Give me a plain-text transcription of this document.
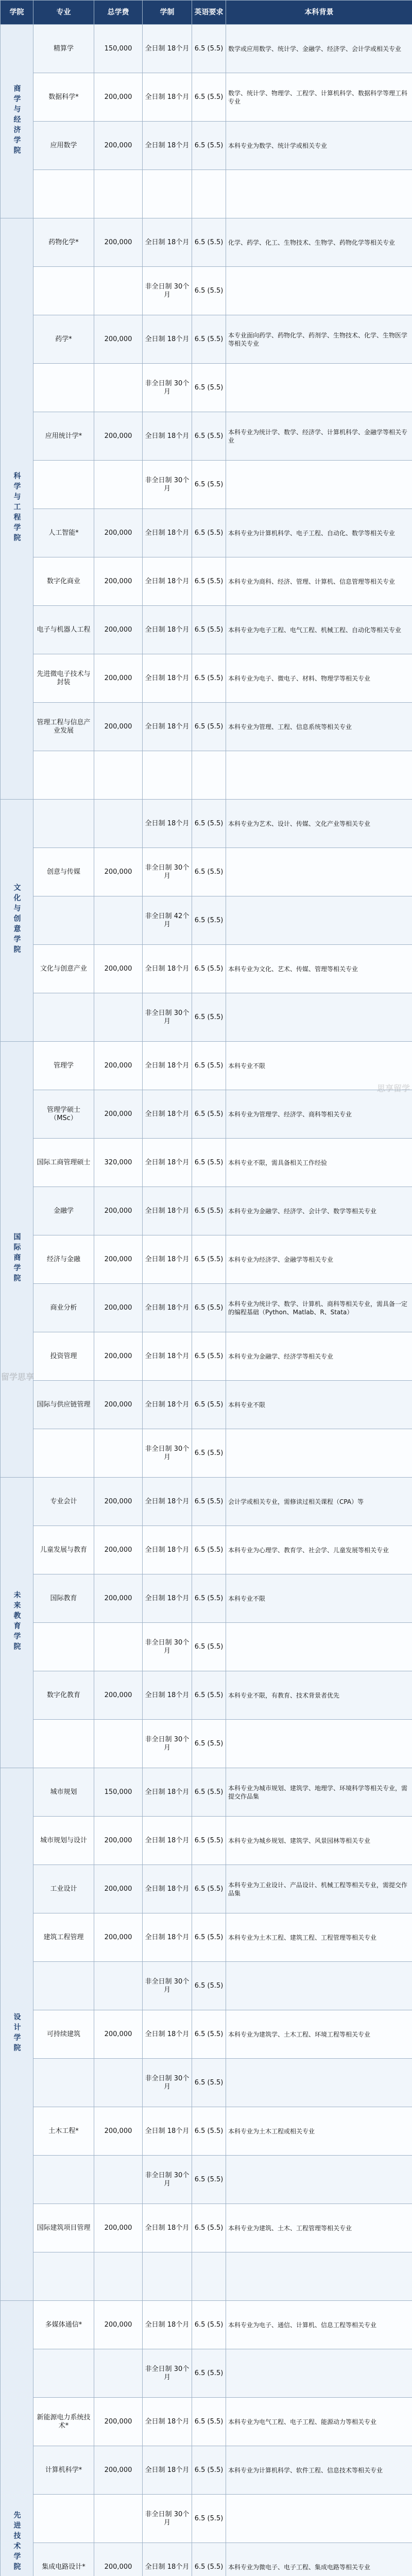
学院	专业	总学费	学制	英语要求	本科背景
商学与经济学院	精算学	150,000	全日制 18个月	6.5 (5.5)	数学或应用数学、统计学、金融学、经济学、会计学或相关专业
	数据科学*	200,000	全日制 18个月	6.5 (5.5)	数学、统计学、物理学、工程学、计算机科学、数据科学等理工科专业
	应用数学	200,000	全日制 18个月	6.5 (5.5)	本科专业为数学、统计学或相关专业

科学与工程学院	药物化学*	200,000	全日制 18个月	6.5 (5.5)	化学、药学、化工、生物技术、生物学、药物化学等相关专业
			非全日制 30个月	6.5 (5.5)	
	药学*	200,000	全日制 18个月	6.5 (5.5)	本专业面向药学、药物化学、药剂学、生物技术、化学、生物医学等相关专业
			非全日制 30个月	6.5 (5.5)	
	应用统计学*	200,000	全日制 18个月	6.5 (5.5)	本科专业为统计学、数学、经济学、计算机科学、金融学等相关专业
			非全日制 30个月	6.5 (5.5)	
	人工智能*	200,000	全日制 18个月	6.5 (5.5)	本科专业为计算机科学、电子工程、自动化、数学等相关专业
	数字化商业	200,000	全日制 18个月	6.5 (5.5)	本科专业为商科、经济、管理、计算机、信息管理等相关专业
	电子与机器人工程	200,000	全日制 18个月	6.5 (5.5)	本科专业为电子工程、电气工程、机械工程、自动化等相关专业
	先进微电子技术与封装	200,000	全日制 18个月	6.5 (5.5)	本科专业为电子、微电子、材料、物理学等相关专业
	管理工程与信息产业发展	200,000	全日制 18个月	6.5 (5.5)	本科专业为管理、工程、信息系统等相关专业

文化与创意学院			全日制 18个月	6.5 (5.5)	本科专业为艺术、设计、传媒、文化产业等相关专业
	创意与传媒	200,000	非全日制 30个月	6.5 (5.5)	
			非全日制 42个月	6.5 (5.5)	
	文化与创意产业	200,000	全日制 18个月	6.5 (5.5)	本科专业为文化、艺术、传媒、管理等相关专业
			非全日制 30个月	6.5 (5.5)	
国际商学院	管理学	200,000	全日制 18个月	6.5 (5.5)	本科专业不限
	管理学硕士（MSc）	200,000	全日制 18个月	6.5 (5.5)	本科专业为管理学、经济学、商科等相关专业
	国际工商管理硕士	320,000	全日制 18个月	6.5 (5.5)	本科专业不限，需具备相关工作经验
	金融学	200,000	全日制 18个月	6.5 (5.5)	本科专业为金融学、经济学、会计学、数学等相关专业
	经济与金融	200,000	全日制 18个月	6.5 (5.5)	本科专业为经济学、金融学等相关专业
	商业分析	200,000	全日制 18个月	6.5 (5.5)	本科专业为统计学、数学、计算机、商科等相关专业，需具备一定的编程基础（Python、Matlab、R、Stata）
	投资管理	200,000	全日制 18个月	6.5 (5.5)	本科专业为金融学、经济学等相关专业
	国际与供应链管理	200,000	全日制 18个月	6.5 (5.5)	本科专业不限
			非全日制 30个月	6.5 (5.5)	
未来教育学院	专业会计	200,000	全日制 18个月	6.5 (5.5)	会计学或相关专业，需修读过相关课程（CPA）等
	儿童发展与教育	200,000	全日制 18个月	6.5 (5.5)	本科专业为心理学、教育学、社会学、儿童发展等相关专业
	国际教育	200,000	全日制 18个月	6.5 (5.5)	本科专业不限
			非全日制 30个月	6.5 (5.5)	
	数字化教育	200,000	全日制 18个月	6.5 (5.5)	本科专业不限，有教育、技术背景者优先
			非全日制 30个月	6.5 (5.5)	
设计学院	城市规划	150,000	全日制 18个月	6.5 (5.5)	本科专业为城市规划、建筑学、地理学、环境科学等相关专业，需提交作品集
	城市规划与设计	200,000	全日制 18个月	6.5 (5.5)	本科专业为城乡规划、建筑学、风景园林等相关专业
	工业设计	200,000	全日制 18个月	6.5 (5.5)	本科专业为工业设计、产品设计、机械工程等相关专业，需提交作品集
	建筑工程管理	200,000	全日制 18个月	6.5 (5.5)	本科专业为土木工程、建筑工程、工程管理等相关专业
			非全日制 30个月	6.5 (5.5)	
	可持续建筑	200,000	全日制 18个月	6.5 (5.5)	本科专业为建筑学、土木工程、环境工程等相关专业
			非全日制 30个月	6.5 (5.5)	
	土木工程*	200,000	全日制 18个月	6.5 (5.5)	本科专业为土木工程或相关专业
			非全日制 30个月	6.5 (5.5)	
	国际建筑项目管理	200,000	全日制 18个月	6.5 (5.5)	本科专业为建筑、土木、工程管理等相关专业

先进技术学院	多媒体通信*	200,000	全日制 18个月	6.5 (5.5)	本科专业为电子、通信、计算机、信息工程等相关专业
			非全日制 30个月	6.5 (5.5)	
	新能源电力系统技术*	200,000	全日制 18个月	6.5 (5.5)	本科专业为电气工程、电子工程、能源动力等相关专业
	计算机科学*	200,000	全日制 18个月	6.5 (5.5)	本科专业为计算机科学、软件工程、信息技术等相关专业
			非全日制 30个月	6.5 (5.5)	
	集成电路设计*	200,000	全日制 18个月	6.5 (5.5)	本科专业为微电子、电子工程、集成电路等相关专业

留学思享
思享留学
